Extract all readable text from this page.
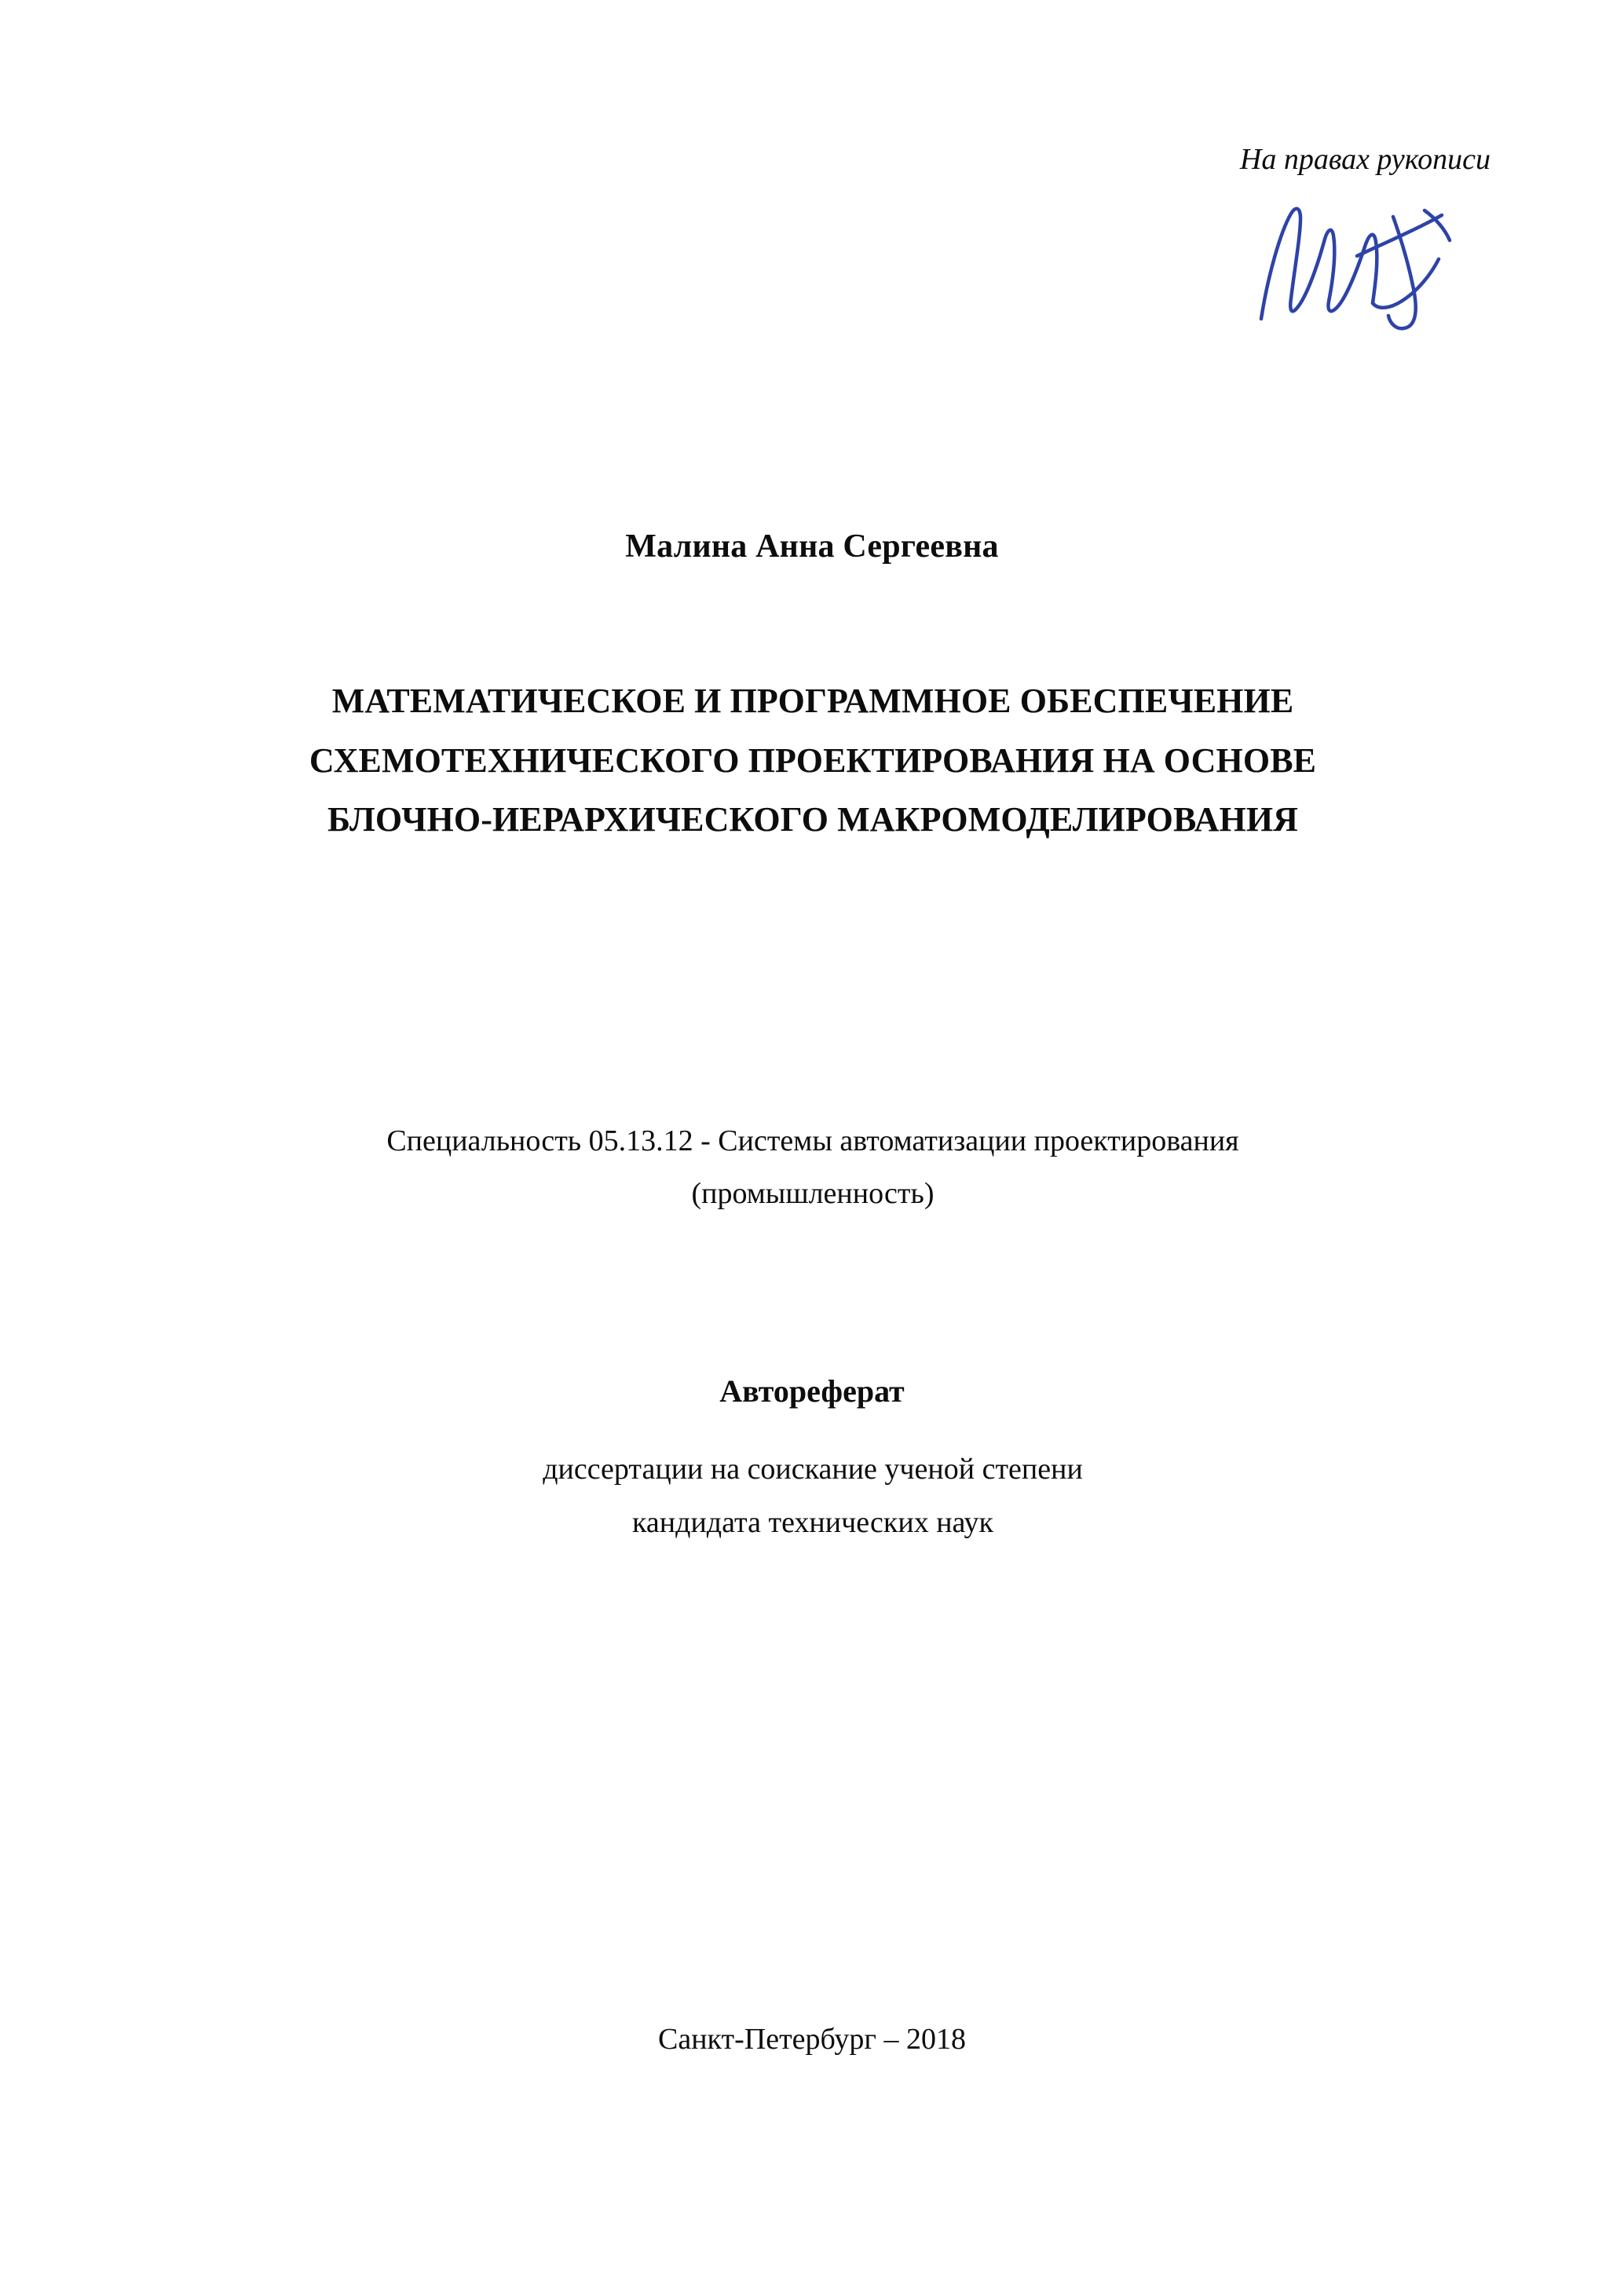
На правах рукописи
Малина Анна Сергеевна
МАТЕМАТИЧЕСКОЕ И ПРОГРАММНОЕ ОБЕСПЕЧЕНИЕ
СХЕМОТЕХНИЧЕСКОГО ПРОЕКТИРОВАНИЯ НА ОСНОВЕ
БЛОЧНО-ИЕРАРХИЧЕСКОГО МАКРОМОДЕЛИРОВАНИЯ
Специальность 05.13.12 - Системы автоматизации проектирования
(промышленность)
Автореферат
диссертации на соискание ученой степени
кандидата технических наук
Санкт-Петербург – 2018
